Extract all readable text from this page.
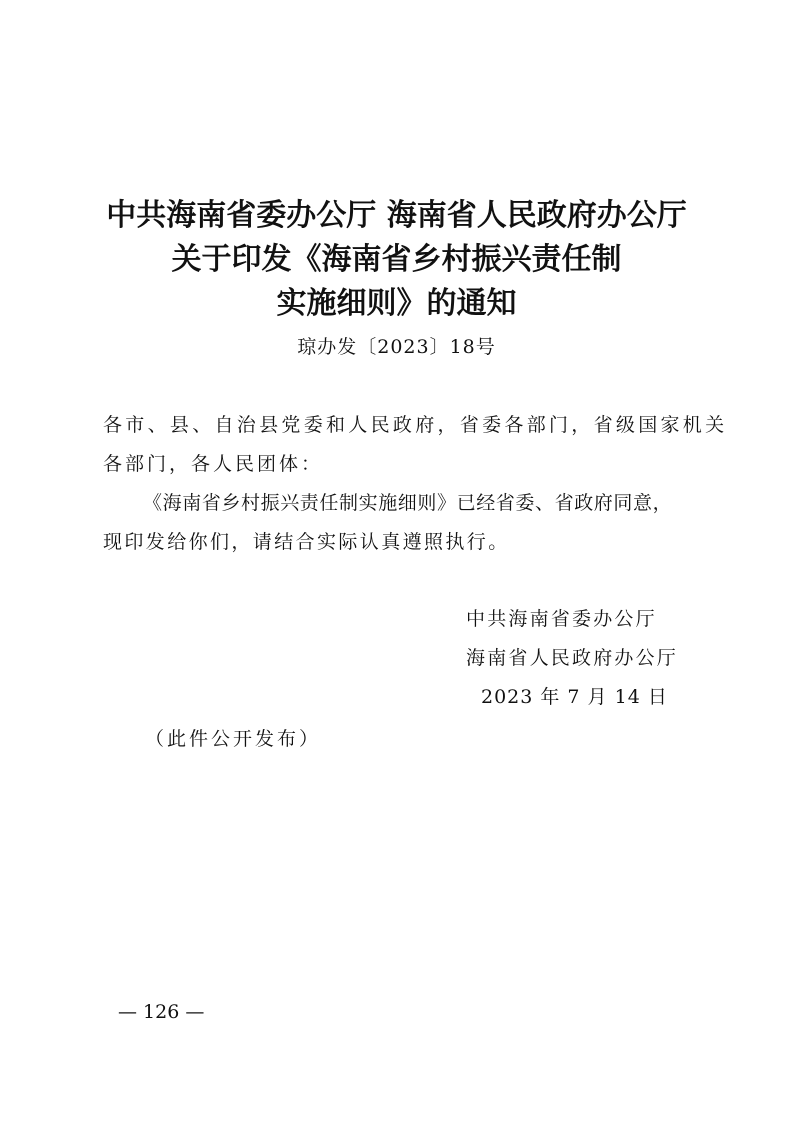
中共海南省委办公厅 海南省人民政府办公厅
关于印发《海南省乡村振兴责任制
实施细则》的通知
琼办发〔2023〕18号
各市、县、自治县党委和人民政府，省委各部门，省级国家机关
各部门，各人民团体：
《海南省乡村振兴责任制实施细则》已经省委、省政府同意，
现印发给你们，请结合实际认真遵照执行。
中共海南省委办公厅
海南省人民政府办公厅
2023 年 7 月 14 日
（此件公开发布）
— 126 —
